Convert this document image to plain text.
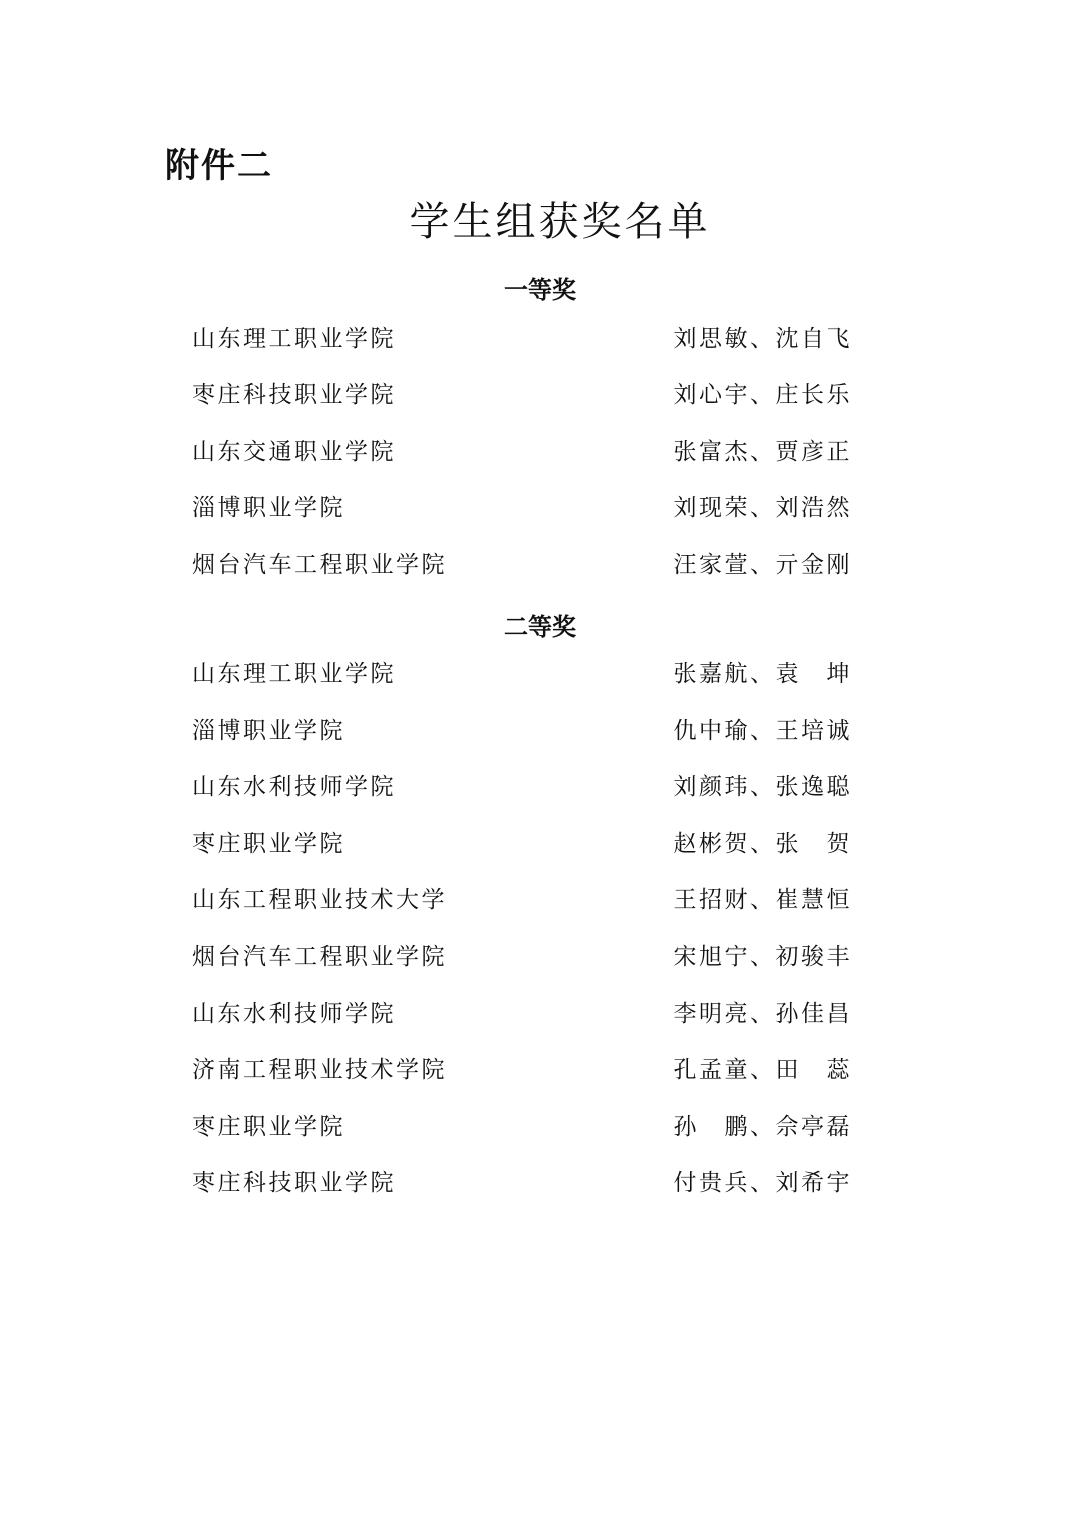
附件二
学生组获奖名单
一等奖
山东理工职业学院	刘思敏、沈自飞
枣庄科技职业学院	刘心宇、庄长乐
山东交通职业学院	张富杰、贾彦正
淄博职业学院	刘现荣、刘浩然
烟台汽车工程职业学院	汪家萱、亓金刚
二等奖
山东理工职业学院	张嘉航、袁　坤
淄博职业学院	仇中瑜、王培诚
山东水利技师学院	刘颜玮、张逸聪
枣庄职业学院	赵彬贺、张　贺
山东工程职业技术大学	王招财、崔慧恒
烟台汽车工程职业学院	宋旭宁、初骏丰
山东水利技师学院	李明亮、孙佳昌
济南工程职业技术学院	孔孟童、田　蕊
枣庄职业学院	孙　鹏、佘亭磊
枣庄科技职业学院	付贵兵、刘希宇
